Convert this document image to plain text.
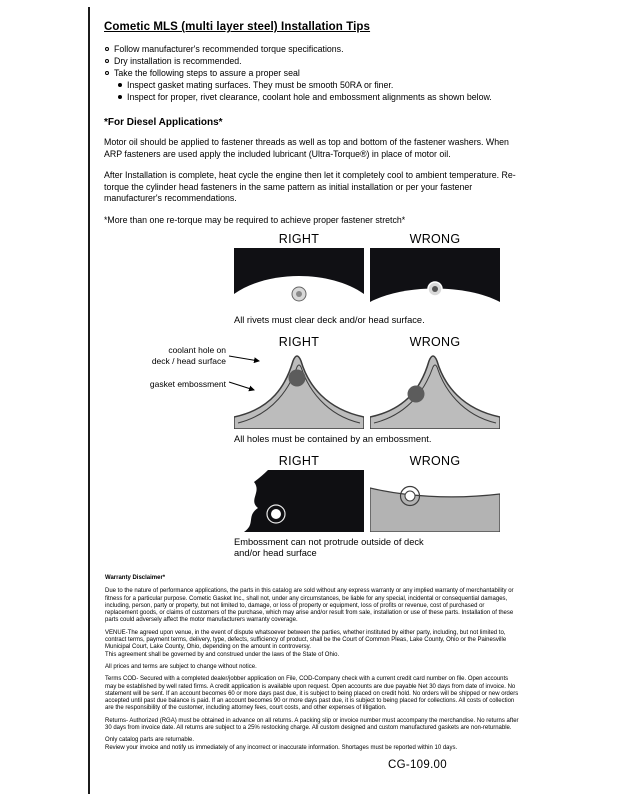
Cometic MLS (multi layer steel) Installation Tips
Follow manufacturer's recommended torque specifications.
Dry installation is recommended.
Take the following steps to assure a proper seal
Inspect gasket mating surfaces. They must be smooth 50RA or finer.
Inspect for proper, rivet clearance, coolant hole and embossment alignments as shown below.
*For Diesel Applications*

Motor oil should be applied to fastener threads as well as top and bottom of the fastener washers. When ARP fasteners are used apply the included lubricant (Ultra-Torque®) in place of motor oil.

After Installation is complete, heat cycle the engine then let it completely cool to ambient temperature. Re-torque the cylinder head fasteners in the same pattern as initial installation or per your fastener manufacturer's recommendations.

*More than one re-torque may be required to achieve proper fastener stretch*

RIGHT	WRONG
All rivets must clear deck and/or head surface.
RIGHT	WRONG
All holes must be contained by an embossment.
RIGHT	WRONG
Embossment can not protrude outside of deck and/or head surface
coolant hole on
deck / head surface
gasket embossment
Warranty Disclaimer*

Due to the nature of performance applications, the parts in this catalog are sold without any express warranty or any implied warranty of merchantability or fitness for a particular purpose. Cometic Gasket Inc., shall not, under any circumstances, be liable for any special, incidental or consequential damages, including, person, party or property, but not limited to, damage, or loss of property or equipment, loss of profits or revenue, cost of purchased or replacement goods, or claims of customers of the purchase, which may arise and/or result from sale, installation or use of these parts. Installation of these parts could adversely affect the motor manufacturers warranty coverage.

VENUE-The agreed upon venue, in the event of dispute whatsoever between the parties, whether instituted by either party, including, but not limited to, contract terms, payment terms, delivery, type, defects, sufficiency of product, shall be the Court of Common Pleas, Lake County, Ohio or the Painesville Municipal Court, Lake County, Ohio, depending on the amount in controversy.

This agreement shall be governed by and construed under the laws of the State of Ohio.

All prices and terms are subject to change without notice.

Terms COD- Secured with a completed dealer/jobber application on File, COD-Company check with a current credit card number on file. Open accounts may be established by well rated firms. A credit application is available upon request. Open accounts are due payable Net 30 days from date of invoice. No statement will be sent. If an account becomes 60 or more days past due, it is subject to being placed on credit hold. No orders will be shipped or new orders accepted until past due balance is paid. If an account becomes 90 or more days past due, it is subject to being placed for collections. All costs of collection are the responsibility of the customer, including attorney fees, court costs, and other expenses of litigation.

Returns- Authorized (RGA) must be obtained in advance on all returns. A packing slip or invoice number must accompany the merchandise. No returns after 30 days from invoice date. All returns are subject to a 25% restocking charge. All custom designed and custom manufactured gaskets are non-returnable.

Only catalog parts are returnable.

Review your invoice and notify us immediately of any incorrect or inaccurate information. Shortages must be reported within 10 days.

CG-109.00
